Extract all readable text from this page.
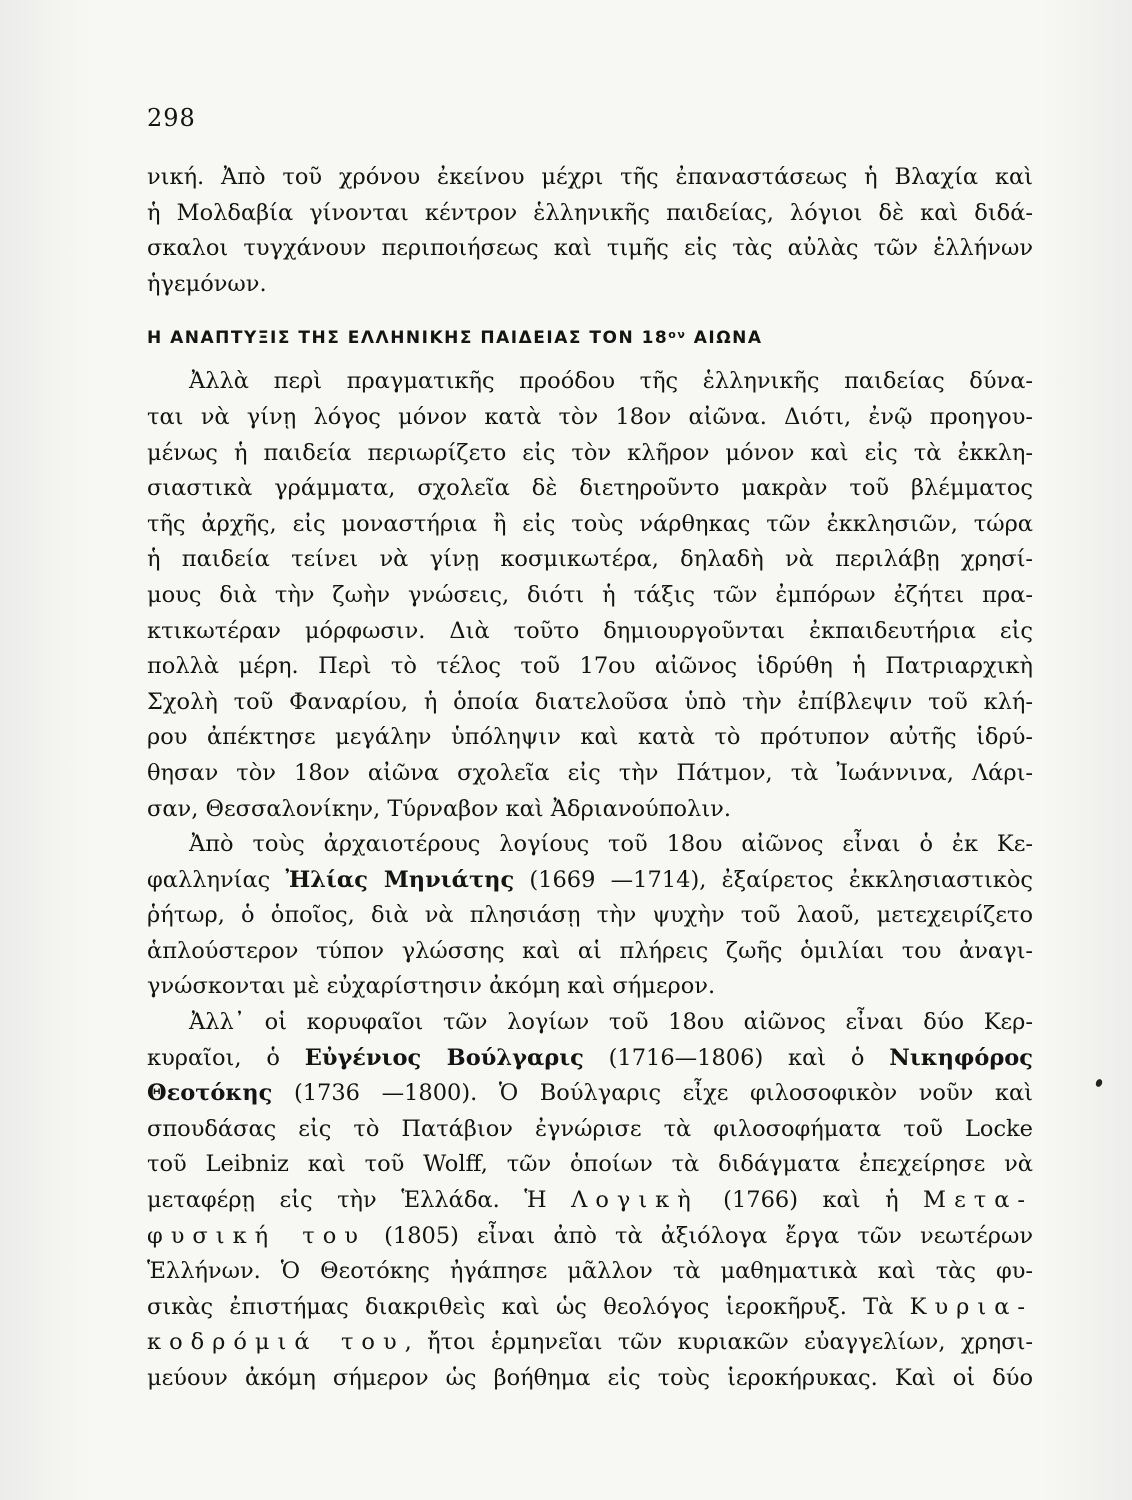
298
νική. Ἀπὸ τοῦ χρόνου ἐκείνου μέχρι τῆς ἐπαναστάσεως ἡ Βλαχία καὶ
ἡ Μολδαβία γίνονται κέντρον ἑλληνικῆς παιδείας, λόγιοι δὲ καὶ διδά-
σκαλοι τυγχάνουν περιποιήσεως καὶ τιμῆς εἰς τὰς αὐλὰς τῶν ἑλλήνων
ἡγεμόνων.
Η ΑΝΑΠΤΥΞΙΣ ΤΗΣ ΕΛΛΗΝΙΚΗΣ ΠΑΙΔΕΙΑΣ ΤΟΝ $18^{o\nu}$ ΑΙΩΝΑ
Ἀλλὰ περὶ πραγματικῆς προόδου τῆς ἑλληνικῆς παιδείας δύνα-
ται νὰ γίνῃ λόγος μόνον κατὰ τὸν 18ον αἰῶνα. Διότι, ἐνῷ προηγου-
μένως ἡ παιδεία περιωρίζετο εἰς τὸν κλῆρον μόνον καὶ εἰς τὰ ἐκκλη-
σιαστικὰ γράμματα, σχολεῖα δὲ διετηροῦντο μακρὰν τοῦ βλέμματος
τῆς ἀρχῆς, εἰς μοναστήρια ἢ εἰς τοὺς νάρθηκας τῶν ἐκκλησιῶν, τώρα
ἡ παιδεία τείνει νὰ γίνῃ κοσμικωτέρα, δηλαδὴ νὰ περιλάβῃ χρησί-
μους διὰ τὴν ζωὴν γνώσεις, διότι ἡ τάξις τῶν ἐμπόρων ἐζήτει πρα-
κτικωτέραν μόρφωσιν. Διὰ τοῦτο δημιουργοῦνται ἐκπαιδευτήρια εἰς
πολλὰ μέρη. Περὶ τὸ τέλος τοῦ 17ου αἰῶνος ἱδρύθη ἡ Πατριαρχικὴ
Σχολὴ τοῦ Φαναρίου, ἡ ὁποία διατελοῦσα ὑπὸ τὴν ἐπίβλεψιν τοῦ κλή-
ρου ἀπέκτησε μεγάλην ὑπόληψιν καὶ κατὰ τὸ πρότυπον αὐτῆς ἱδρύ-
θησαν τὸν 18ον αἰῶνα σχολεῖα εἰς τὴν Πάτμον, τὰ Ἰωάννινα, Λάρι-
σαν, Θεσσαλονίκην, Τύρναβον καὶ Ἀδριανούπολιν.
Ἀπὸ τοὺς ἀρχαιοτέρους λογίους τοῦ 18ου αἰῶνος εἶναι ὁ ἐκ Κε-
φαλληνίας Ἠλίας Μηνιάτης (1669 —1714), ἐξαίρετος ἐκκλησιαστικὸς
ῥήτωρ, ὁ ὁποῖος, διὰ νὰ πλησιάσῃ τὴν ψυχὴν τοῦ λαοῦ, μετεχειρίζετο
ἁπλούστερον τύπον γλώσσης καὶ αἱ πλήρεις ζωῆς ὁμιλίαι του ἀναγι-
γνώσκονται μὲ εὐχαρίστησιν ἀκόμη καὶ σήμερον.
Ἀλλ᾽ οἱ κορυφαῖοι τῶν λογίων τοῦ 18ου αἰῶνος εἶναι δύο Κερ-
κυραῖοι, ὁ Εὐγένιος Βούλγαρις (1716—1806) καὶ ὁ Νικηφόρος
Θεοτόκης (1736 —1800). Ὁ Βούλγαρις εἶχε φιλοσοφικὸν νοῦν καὶ
σπουδάσας εἰς τὸ Πατάβιον ἐγνώρισε τὰ φιλοσοφήματα τοῦ Locke
τοῦ Leibniz καὶ τοῦ Wolff, τῶν ὁποίων τὰ διδάγματα ἐπεχείρησε νὰ
μεταφέρῃ εἰς τὴν Ἑλλάδα. Ἡ Λογικὴ (1766) καὶ ἡ Μετα-
φυσική του (1805) εἶναι ἀπὸ τὰ ἀξιόλογα ἔργα τῶν νεωτέρων
Ἑλλήνων. Ὁ Θεοτόκης ἠγάπησε μᾶλλον τὰ μαθηματικὰ καὶ τὰς φυ-
σικὰς ἐπιστήμας διακριθεὶς καὶ ὡς θεολόγος ἱεροκῆρυξ. Τὰ Κυρια-
κοδρόμιά του, ἤτοι ἑρμηνεῖαι τῶν κυριακῶν εὐαγγελίων, χρησι-
μεύουν ἀκόμη σήμερον ὡς βοήθημα εἰς τοὺς ἱεροκήρυκας. Καὶ οἱ δύο
